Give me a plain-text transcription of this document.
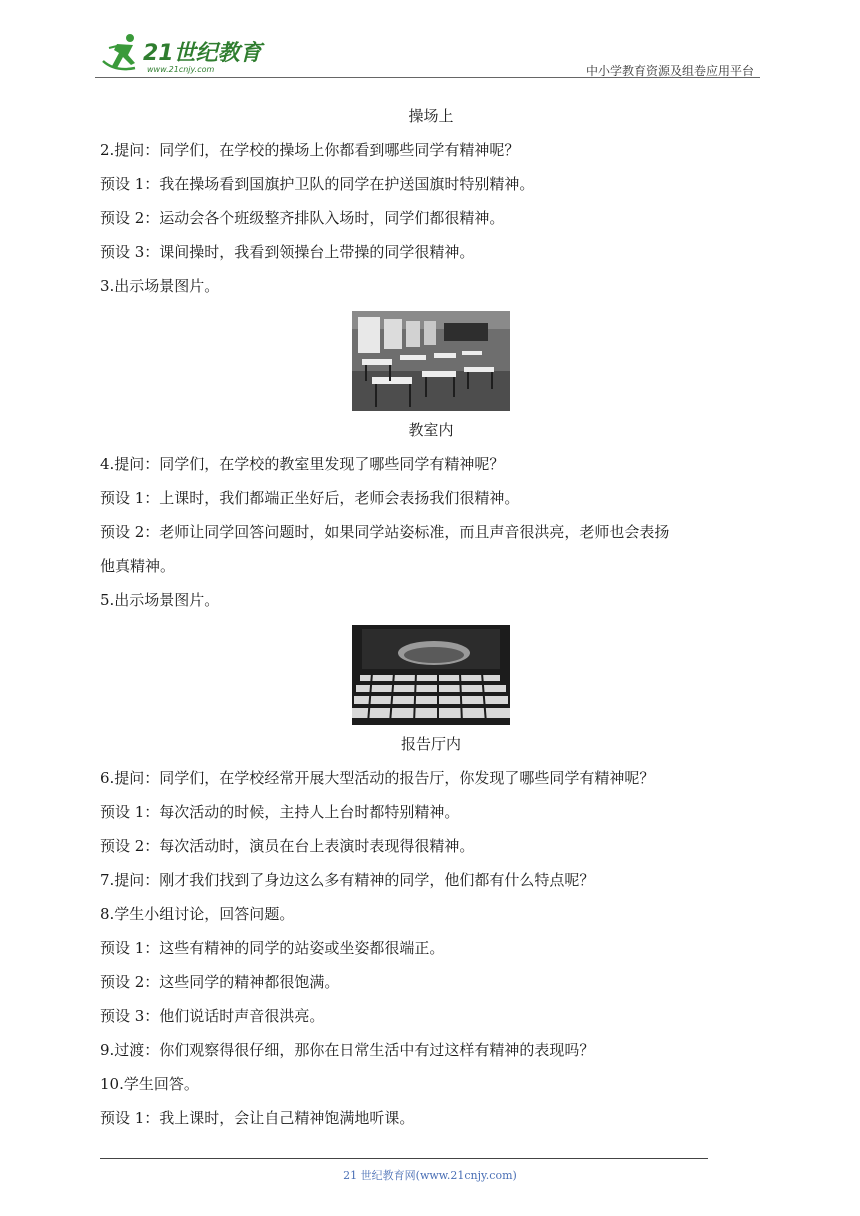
21世纪教育
www.21cnjy.com	中小学教育资源及组卷应用平台

操场上

2.提问：同学们，在学校的操场上你都看到哪些同学有精神呢？

预设 1：我在操场看到国旗护卫队的同学在护送国旗时特别精神。

预设 2：运动会各个班级整齐排队入场时，同学们都很精神。

预设 3：课间操时，我看到领操台上带操的同学很精神。

3.出示场景图片。

教室内

4.提问：同学们，在学校的教室里发现了哪些同学有精神呢？

预设 1：上课时，我们都端正坐好后，老师会表扬我们很精神。

预设 2：老师让同学回答问题时，如果同学站姿标准，而且声音很洪亮，老师也会表扬

他真精神。

5.出示场景图片。

报告厅内

6.提问：同学们，在学校经常开展大型活动的报告厅，你发现了哪些同学有精神呢？

预设 1：每次活动的时候，主持人上台时都特别精神。

预设 2：每次活动时，演员在台上表演时表现得很精神。

7.提问：刚才我们找到了身边这么多有精神的同学，他们都有什么特点呢？

8.学生小组讨论，回答问题。

预设 1：这些有精神的同学的站姿或坐姿都很端正。

预设 2：这些同学的精神都很饱满。

预设 3：他们说话时声音很洪亮。

9.过渡：你们观察得很仔细，那你在日常生活中有过这样有精神的表现吗？

10.学生回答。

预设 1：我上课时，会让自己精神饱满地听课。

21 世纪教育网(www.21cnjy.com)
